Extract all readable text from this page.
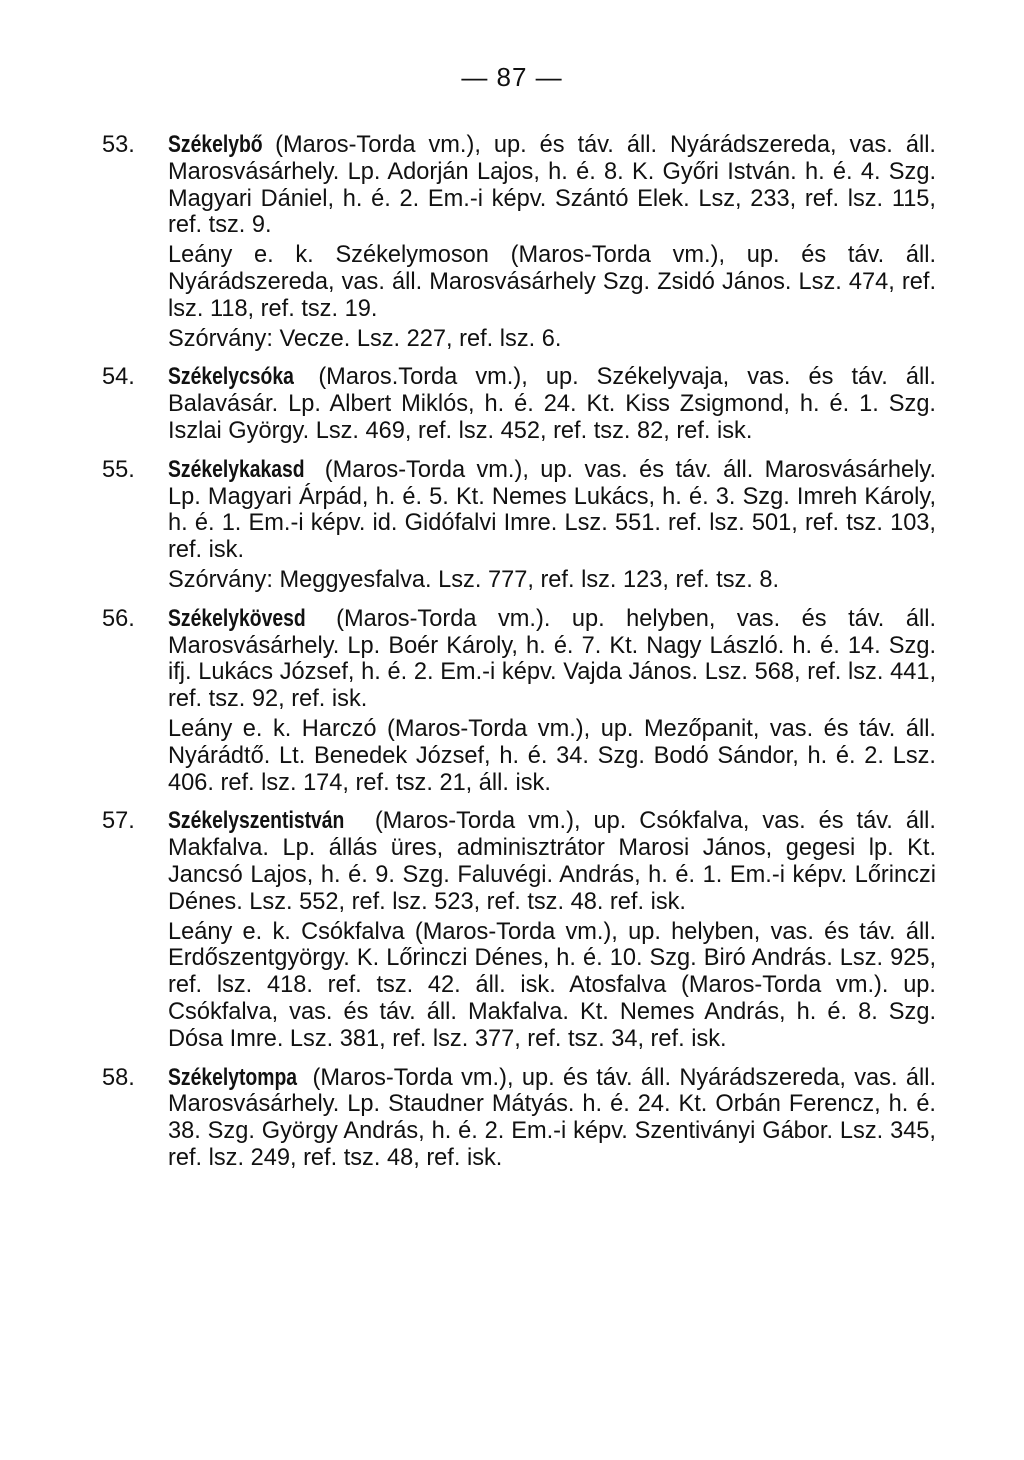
— 87 —
53. Székelybő (Maros-Torda vm.), up. és táv. áll. Nyárádszereda, vas. áll. Marosvásárhely. Lp. Adorján Lajos, h. é. 8. K. Győri István. h. é. 4. Szg. Magyari Dániel, h. é. 2. Em.-i képv. Szántó Elek. Lsz, 233, ref. lsz. 115, ref. tsz. 9.
Leány e. k. Székelymoson (Maros-Torda vm.), up. és táv. áll. Nyárádszereda, vas. áll. Marosvásárhely Szg. Zsidó János. Lsz. 474, ref. lsz. 118, ref. tsz. 19.
Szórvány: Vecze. Lsz. 227, ref. lsz. 6.
54. Székelycsóka (Maros.Torda vm.), up. Székelyvaja, vas. és táv. áll. Balavásár. Lp. Albert Miklós, h. é. 24. Kt. Kiss Zsigmond, h. é. 1. Szg. Iszlai György. Lsz. 469, ref. lsz. 452, ref. tsz. 82, ref. isk.
55. Székelykakasd (Maros-Torda vm.), up. vas. és táv. áll. Marosvásárhely. Lp. Magyari Árpád, h. é. 5. Kt. Nemes Lukács, h. é. 3. Szg. Imreh Károly, h. é. 1. Em.-i képv. id. Gidófalvi Imre. Lsz. 551. ref. lsz. 501, ref. tsz. 103, ref. isk.
Szórvány: Meggyesfalva. Lsz. 777, ref. lsz. 123, ref. tsz. 8.
56. Székelykövesd (Maros-Torda vm.). up. helyben, vas. és táv. áll. Marosvásárhely. Lp. Boér Károly, h. é. 7. Kt. Nagy László. h. é. 14. Szg. ifj. Lukács József, h. é. 2. Em.-i képv. Vajda János. Lsz. 568, ref. lsz. 441, ref. tsz. 92, ref. isk.
Leány e. k. Harczó (Maros-Torda vm.), up. Mezőpanit, vas. és táv. áll. Nyárádtő. Lt. Benedek József, h. é. 34. Szg. Bodó Sándor, h. é. 2. Lsz. 406. ref. lsz. 174, ref. tsz. 21, áll. isk.
57. Székelyszentistván (Maros-Torda vm.), up. Csókfalva, vas. és táv. áll. Makfalva. Lp. állás üres, adminisztrátor Marosi János, gegesi lp. Kt. Jancsó Lajos, h. é. 9. Szg. Faluvégi. András, h. é. 1. Em.-i képv. Lőrinczi Dénes. Lsz. 552, ref. lsz. 523, ref. tsz. 48. ref. isk.
Leány e. k. Csókfalva (Maros-Torda vm.), up. helyben, vas. és táv. áll. Erdőszentgyörgy. K. Lőrinczi Dénes, h. é. 10. Szg. Biró András. Lsz. 925, ref. lsz. 418. ref. tsz. 42. áll. isk. Atosfalva (Maros-Torda vm.). up. Csókfalva, vas. és táv. áll. Makfalva. Kt. Nemes András, h. é. 8. Szg. Dósa Imre. Lsz. 381, ref. lsz. 377, ref. tsz. 34, ref. isk.
58. Székelytompa (Maros-Torda vm.), up. és táv. áll. Nyárádszereda, vas. áll. Marosvásárhely. Lp. Staudner Mátyás. h. é. 24. Kt. Orbán Ferencz, h. é. 38. Szg. György András, h. é. 2. Em.-i képv. Szentiványi Gábor. Lsz. 345, ref. lsz. 249, ref. tsz. 48, ref. isk.
